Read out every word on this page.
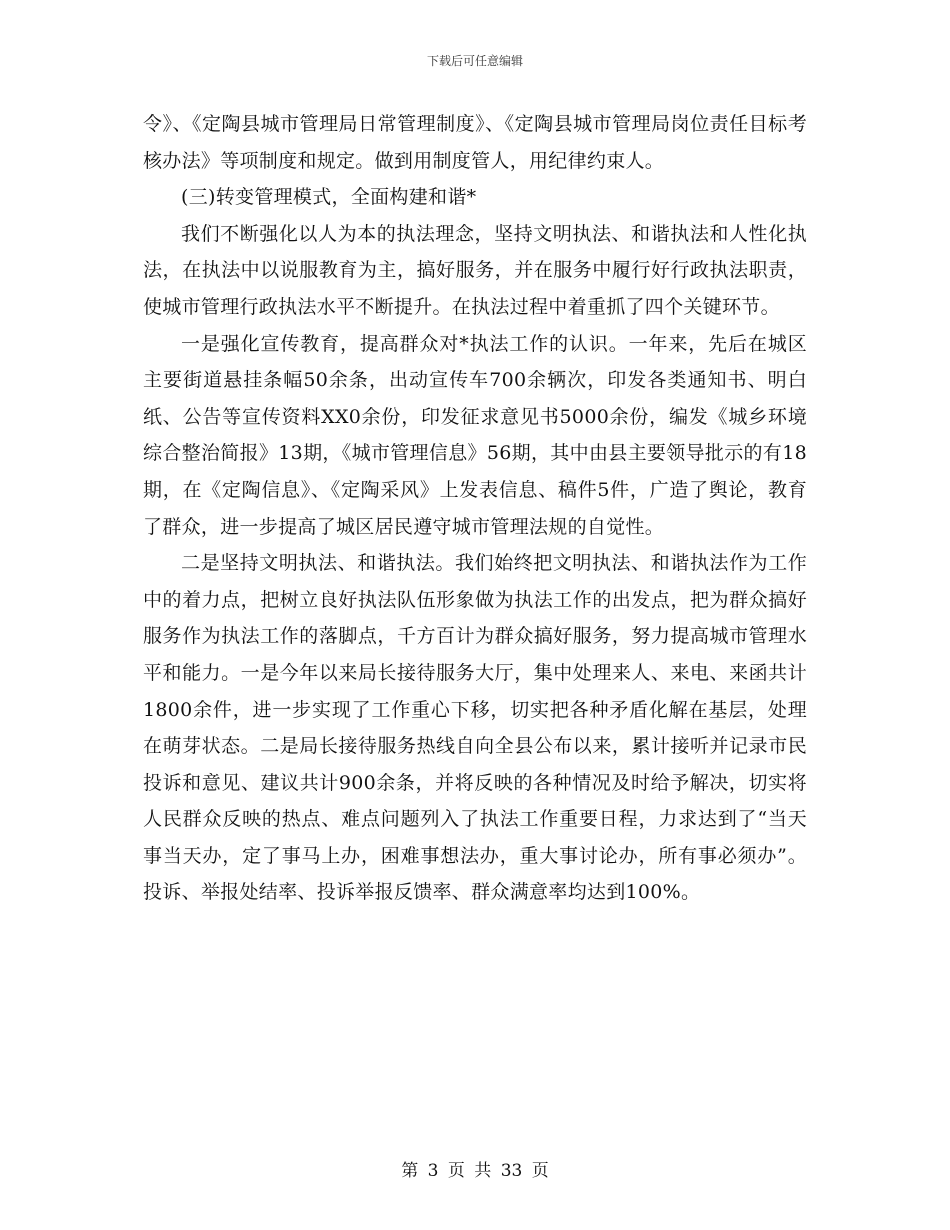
下载后可任意编辑

令》、《定陶县城市管理局日常管理制度》、《定陶县城市管理局岗位责任目标考核办法》等项制度和规定。做到用制度管人，用纪律约束人。

(三)转变管理模式，全面构建和谐*

我们不断强化以人为本的执法理念，坚持文明执法、和谐执法和人性化执法，在执法中以说服教育为主，搞好服务，并在服务中履行好行政执法职责，使城市管理行政执法水平不断提升。在执法过程中着重抓了四个关键环节。

一是强化宣传教育，提高群众对*执法工作的认识。一年来，先后在城区主要街道悬挂条幅50余条，出动宣传车700余辆次，印发各类通知书、明白纸、公告等宣传资料XX0余份，印发征求意见书5000余份，编发《城乡环境综合整治简报》13期，《城市管理信息》56期，其中由县主要领导批示的有18期，在《定陶信息》、《定陶采风》上发表信息、稿件5件，广造了舆论，教育了群众，进一步提高了城区居民遵守城市管理法规的自觉性。

二是坚持文明执法、和谐执法。我们始终把文明执法、和谐执法作为工作中的着力点，把树立良好执法队伍形象做为执法工作的出发点，把为群众搞好服务作为执法工作的落脚点，千方百计为群众搞好服务，努力提高城市管理水平和能力。一是今年以来局长接待服务大厅，集中处理来人、来电、来函共计1800余件，进一步实现了工作重心下移，切实把各种矛盾化解在基层，处理在萌芽状态。二是局长接待服务热线自向全县公布以来，累计接听并记录市民投诉和意见、建议共计900余条，并将反映的各种情况及时给予解决，切实将人民群众反映的热点、难点问题列入了执法工作重要日程，力求达到了“当天事当天办，定了事马上办，困难事想法办，重大事讨论办，所有事必须办”。投诉、举报处结率、投诉举报反馈率、群众满意率均达到100%。

第 3 页 共 33 页
